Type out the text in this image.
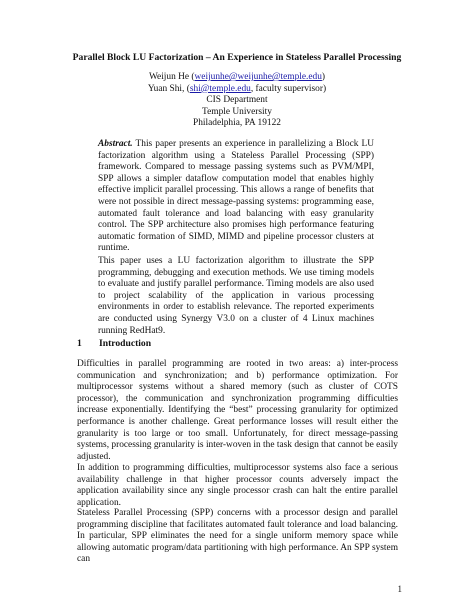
Parallel Block LU Factorization – An Experience in Stateless Parallel Processing
Weijun He (weijunhe@weijunhe@temple.edu)
Yuan Shi, (shi@temple.edu, faculty supervisor)
CIS Department
Temple University
Philadelphia, PA 19122

Abstract. This paper presents an experience in parallelizing a Block LU factorization algorithm using a Stateless Parallel Processing (SPP) framework. Compared to message passing systems such as PVM/MPI, SPP allows a simpler dataflow computation model that enables highly effective implicit parallel processing. This allows a range of benefits that were not possible in direct message-passing systems: programming ease, automated fault tolerance and load balancing with easy granularity control. The SPP architecture also promises high performance featuring automatic formation of SIMD, MIMD and pipeline processor clusters at runtime.

This paper uses a LU factorization algorithm to illustrate the SPP programming, debugging and execution methods. We use timing models to evaluate and justify parallel performance. Timing models are also used to project scalability of the application in various processing environments in order to establish relevance. The reported experiments are conducted using Synergy V3.0 on a cluster of 4 Linux machines running RedHat9.

1 Introduction

Difficulties in parallel programming are rooted in two areas: a) inter-process communication and synchronization; and b) performance optimization. For multiprocessor systems without a shared memory (such as cluster of COTS processor), the communication and synchronization programming difficulties increase exponentially. Identifying the “best” processing granularity for optimized performance is another challenge. Great performance losses will result either the granularity is too large or too small. Unfortunately, for direct message-passing systems, processing granularity is inter-woven in the task design that cannot be easily adjusted.

In addition to programming difficulties, multiprocessor systems also face a serious availability challenge in that higher processor counts adversely impact the application availability since any single processor crash can halt the entire parallel application.

Stateless Parallel Processing (SPP) concerns with a processor design and parallel programming discipline that facilitates automated fault tolerance and load balancing. In particular, SPP eliminates the need for a single uniform memory space while allowing automatic program/data partitioning with high performance. An SPP system can

1
